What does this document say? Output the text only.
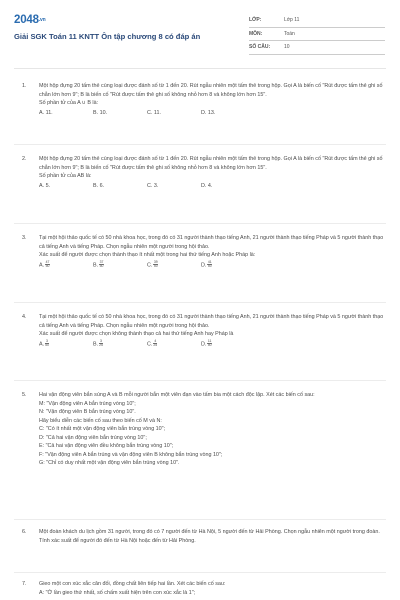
2048.vn
Giải SGK Toán 11 KNTT Ôn tập chương 8 có đáp án
LỚP:	Lớp 11
MÔN:	Toán
SỐ CÂU:	10
1.	Một hộp đựng 20 tấm thẻ cùng loại được đánh số từ 1 đến 20. Rút ngẫu nhiên một tấm thẻ trong hộp. Gọi A là biến cố "Rút được tấm thẻ ghi số chẵn lớn hơn 9"; B là biến cố "Rút được tấm thẻ ghi số không nhỏ hơn 8 và không lớn hơn 15".
Số phần tử của A ∪ B là:
A. 11.	B. 10.	C. 11.	D. 13.
2.	Một hộp đựng 20 tấm thẻ cùng loại được đánh số từ 1 đến 20. Rút ngẫu nhiên một tấm thẻ trong hộp. Gọi A là biến cố "Rút được tấm thẻ ghi số chẵn lớn hơn 9"; B là biến cố "Rút được tấm thẻ ghi số không nhỏ hơn 8 và không lớn hơn 15".
Số phần tử của AB là:
A. 5.	B. 6.	C. 3.	D. 4.
3.	Tại một hội thảo quốc tế có 50 nhà khoa học, trong đó có 31 người thành thạo tiếng Anh, 21 người thành thạo tiếng Pháp và 5 người thành thạo cả tiếng Anh và tiếng Pháp. Chọn ngẫu nhiên một người trong hội thảo.
Xác suất để người được chọn thành thạo ít nhất một trong hai thứ tiếng Anh hoặc Pháp là:
A. $\frac{47}{50}$	B. $\frac{37}{50}$	C. $\frac{39}{50}$	D. $\frac{41}{50}$
4.	Tại một hội thảo quốc tế có 50 nhà khoa học, trong đó có 31 người thành thạo tiếng Anh, 21 người thành thạo tiếng Pháp và 5 người thành thạo cả tiếng Anh và tiếng Pháp. Chọn ngẫu nhiên một người trong hội thảo.
Xác suất để người được chọn không thành thạo cả hai thứ tiếng Anh hay Pháp là
A. $\frac{3}{50}$	B. $\frac{3}{25}$	C. $\frac{4}{25}$	D. $\frac{11}{50}$
5.	Hai vận động viên bắn súng A và B mỗi người bắn một viên đạn vào tấm bia một cách độc lập. Xét các biến cố sau:
M: "Vận động viên A bắn trúng vòng 10";
N: "Vận động viên B bắn trúng vòng 10".
Hãy biểu diễn các biến cố sau theo biến cố M và N:
C: "Có ít nhất một vận động viên bắn trúng vòng 10";
D: "Cả hai vận động viên bắn trúng vòng 10";
E: "Cả hai vận động viên đều không bắn trúng vòng 10";
F: "Vận động viên A bắn trúng và vận động viên B không bắn trúng vòng 10";
G: "Chỉ có duy nhất một vận động viên bắn trúng vòng 10".
6.	Một đoàn khách du lịch gồm 31 người, trong đó có 7 người đến từ Hà Nội, 5 người đến từ Hải Phòng. Chọn ngẫu nhiên một người trong đoàn. Tính xác suất để người đó đến từ Hà Nội hoặc đến từ Hải Phòng.
7.	Gieo một con xúc xắc cân đối, đồng chất liên tiếp hai lần. Xét các biến cố sau:
A: "Ở lần gieo thứ nhất, số chấm xuất hiện trên con xúc xắc là 1";
